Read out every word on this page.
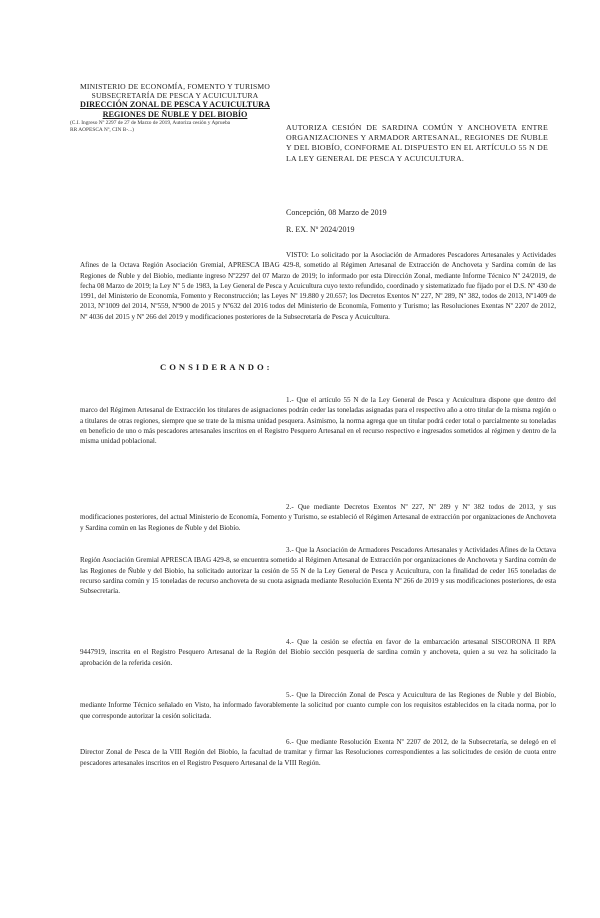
MINISTERIO DE ECONOMÍA, FOMENTO Y TURISMO
SUBSECRETARÍA DE PESCA Y ACUICULTURA
DIRECCIÓN ZONAL DE PESCA Y ACUICULTURA
REGIONES DE ÑUBLE Y DEL BIOBÍO
(C.I. Ingreso Nº 2297 de 27 de Marzo de 2019, Autoriza cesión y Aprueba
RR AOPESCA Nº, CIN B-...)	AUTORIZA CESIÓN DE SARDINA COMÚN Y ANCHOVETA ENTRE ORGANIZACIONES Y ARMADOR ARTESANAL, REGIONES DE ÑUBLE Y DEL BIOBÍO, CONFORME AL DISPUESTO EN EL ARTÍCULO 55 N DE LA LEY GENERAL DE PESCA Y ACUICULTURA.
Concepción, 08 Marzo de 2019
R. EX. Nº 2024/2019
VISTO: Lo solicitado por la Asociación de Armadores Pescadores Artesanales y Actividades Afines de la Octava Región Asociación Gremial, APRESCA IBAG 429-8, sometido al Régimen Artesanal de Extracción de Anchoveta y Sardina común de las Regiones de Ñuble y del Biobío, mediante ingreso Nº2297 del 07 Marzo de 2019; lo informado por esta Dirección Zonal, mediante Informe Técnico Nº 24/2019, de fecha 08 Marzo de 2019; la Ley Nº 5 de 1983, la Ley General de Pesca y Acuicultura cuyo texto refundido, coordinado y sistematizado fue fijado por el D.S. Nº 430 de 1991, del Ministerio de Economía, Fomento y Reconstrucción; las Leyes Nº 19.880 y 20.657; los Decretos Exentos Nº 227, Nº 289, Nº 382, todos de 2013, Nº1409 de 2013, Nº1009 del 2014, Nº559, Nº900 de 2015 y Nº632 del 2016 todos del Ministerio de Economía, Fomento y Turismo; las Resoluciones Exentas Nº 2207 de 2012, Nº 4036 del 2015 y Nº 266 del 2019 y modificaciones posteriores de la Subsecretaría de Pesca y Acuicultura.
CONSIDERANDO:
1.- Que el artículo 55 N de la Ley General de Pesca y Acuicultura dispone que dentro del marco del Régimen Artesanal de Extracción los titulares de asignaciones podrán ceder las toneladas asignadas para el respectivo año a otro titular de la misma región o a titulares de otras regiones, siempre que se trate de la misma unidad pesquera. Asimismo, la norma agrega que un titular podrá ceder total o parcialmente su toneladas en beneficio de uno o más pescadores artesanales inscritos en el Registro Pesquero Artesanal en el recurso respectivo e ingresados sometidos al régimen y dentro de la misma unidad poblacional.
2.- Que mediante Decretos Exentos Nº 227, Nº 289 y Nº 382 todos de 2013, y sus modificaciones posteriores, del actual Ministerio de Economía, Fomento y Turismo, se estableció el Régimen Artesanal de extracción por organizaciones de Anchoveta y Sardina común en las Regiones de Ñuble y del Biobío.
3.- Que la Asociación de Armadores Pescadores Artesanales y Actividades Afines de la Octava Región Asociación Gremial APRESCA IBAG 429-8, se encuentra sometido al Régimen Artesanal de Extracción por organizaciones de Anchoveta y Sardina común de las Regiones de Ñuble y del Biobío, ha solicitado autorizar la cesión de 55 N de la Ley General de Pesca y Acuicultura, con la finalidad de ceder 165 toneladas de recurso sardina común y 15 toneladas de recurso anchoveta de su cuota asignada mediante Resolución Exenta Nº 266 de 2019 y sus modificaciones posteriores, de esta Subsecretaría.
4.- Que la cesión se efectúa en favor de la embarcación artesanal SISCORONA II RPA 9447919, inscrita en el Registro Pesquero Artesanal de la Región del Biobío sección pesquería de sardina común y anchoveta, quien a su vez ha solicitado la aprobación de la referida cesión.
5.- Que la Dirección Zonal de Pesca y Acuicultura de las Regiones de Ñuble y del Biobío, mediante Informe Técnico señalado en Visto, ha informado favorablemente la solicitud por cuanto cumple con los requisitos establecidos en la citada norma, por lo que corresponde autorizar la cesión solicitada.
6.- Que mediante Resolución Exenta Nº 2207 de 2012, de la Subsecretaría, se delegó en el Director Zonal de Pesca de la VIII Región del Biobío, la facultad de tramitar y firmar las Resoluciones correspondientes a las solicitudes de cesión de cuota entre pescadores artesanales inscritos en el Registro Pesquero Artesanal de la VIII Región.
